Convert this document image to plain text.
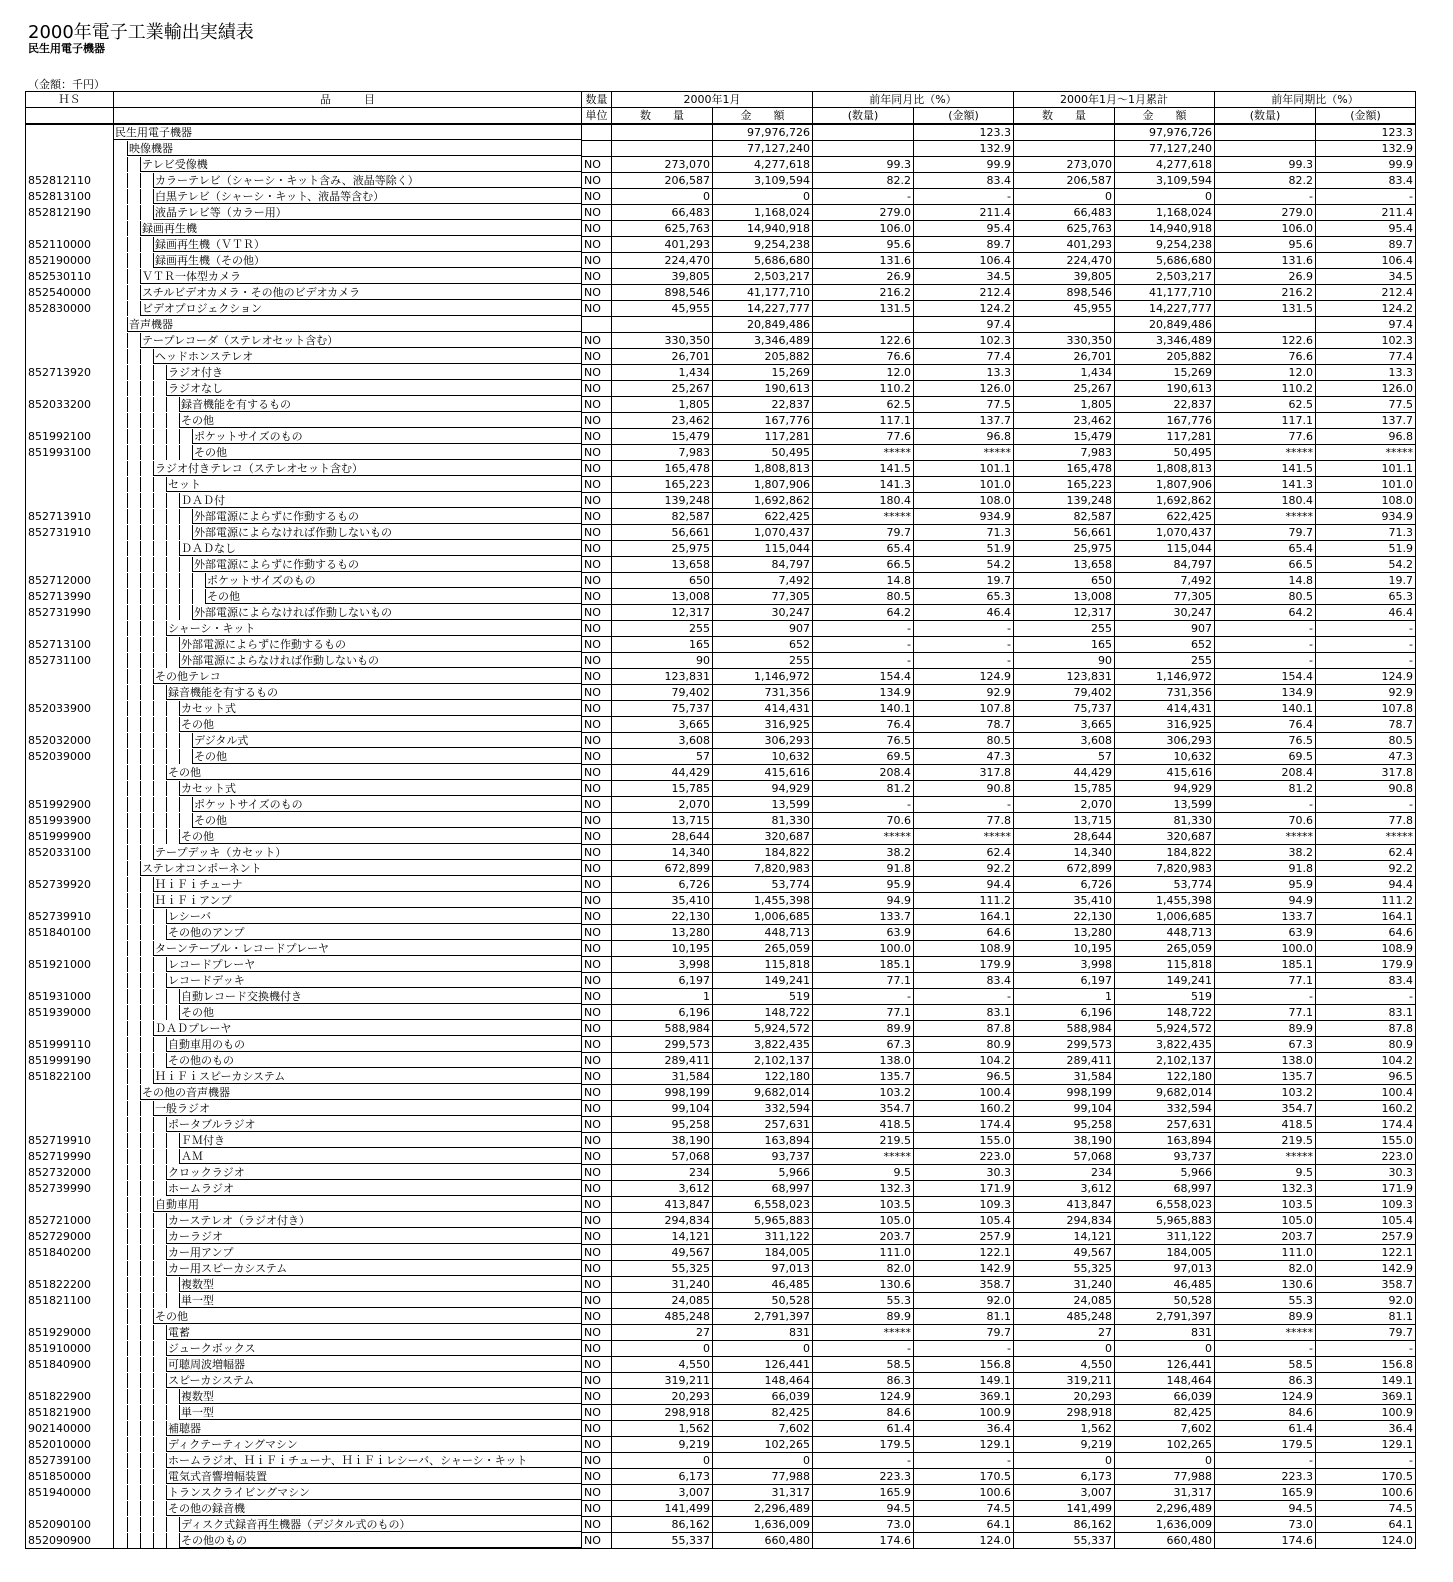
2000年電子工業輸出実績表
民生用電子機器
（金額：千円）
ＨＳ	品　　　目	数量	2000年1月		前年同月比（%）		2000年1月～1月累計		前年同期比（%）	
		単位	数　　量	金　　額	(数量)	(金額)	数　　量	金　　額	(数量)	(金額)

	民生用電子機器			97,976,726		123.3		97,976,726		123.3

	映像機器			77,127,240		132.9		77,127,240		132.9

	テレビ受像機	NO	273,070	4,277,618	99.3	99.9	273,070	4,277,618	99.3	99.9
852812110	カラーテレビ（シャーシ・キット含み、液晶等除く）	NO	206,587	3,109,594	82.2	83.4	206,587	3,109,594	82.2	83.4
852813100	白黒テレビ（シャーシ・キット、液晶等含む）	NO	0	0	-	-	0	0	-	-
852812190	液晶テレビ等（カラー用）	NO	66,483	1,168,024	279.0	211.4	66,483	1,168,024	279.0	211.4

	録画再生機	NO	625,763	14,940,918	106.0	95.4	625,763	14,940,918	106.0	95.4
852110000	録画再生機（ＶＴＲ）	NO	401,293	9,254,238	95.6	89.7	401,293	9,254,238	95.6	89.7
852190000	録画再生機（その他）	NO	224,470	5,686,680	131.6	106.4	224,470	5,686,680	131.6	106.4
852530110	ＶＴＲ一体型カメラ	NO	39,805	2,503,217	26.9	34.5	39,805	2,503,217	26.9	34.5
852540000	スチルビデオカメラ・その他のビデオカメラ	NO	898,546	41,177,710	216.2	212.4	898,546	41,177,710	216.2	212.4
852830000	ビデオプロジェクション	NO	45,955	14,227,777	131.5	124.2	45,955	14,227,777	131.5	124.2

	音声機器			20,849,486		97.4		20,849,486		97.4

	テープレコーダ（ステレオセット含む）	NO	330,350	3,346,489	122.6	102.3	330,350	3,346,489	122.6	102.3

	ヘッドホンステレオ	NO	26,701	205,882	76.6	77.4	26,701	205,882	76.6	77.4
852713920	ラジオ付き	NO	1,434	15,269	12.0	13.3	1,434	15,269	12.0	13.3

	ラジオなし	NO	25,267	190,613	110.2	126.0	25,267	190,613	110.2	126.0
852033200	録音機能を有するもの	NO	1,805	22,837	62.5	77.5	1,805	22,837	62.5	77.5

	その他	NO	23,462	167,776	117.1	137.7	23,462	167,776	117.1	137.7
851992100	ポケットサイズのもの	NO	15,479	117,281	77.6	96.8	15,479	117,281	77.6	96.8
851993100	その他	NO	7,983	50,495	*****	*****	7,983	50,495	*****	*****

	ラジオ付きテレコ（ステレオセット含む）	NO	165,478	1,808,813	141.5	101.1	165,478	1,808,813	141.5	101.1

	セット	NO	165,223	1,807,906	141.3	101.0	165,223	1,807,906	141.3	101.0

	ＤＡＤ付	NO	139,248	1,692,862	180.4	108.0	139,248	1,692,862	180.4	108.0
852713910	外部電源によらずに作動するもの	NO	82,587	622,425	*****	934.9	82,587	622,425	*****	934.9
852731910	外部電源によらなければ作動しないもの	NO	56,661	1,070,437	79.7	71.3	56,661	1,070,437	79.7	71.3

	ＤＡＤなし	NO	25,975	115,044	65.4	51.9	25,975	115,044	65.4	51.9

	外部電源によらずに作動するもの	NO	13,658	84,797	66.5	54.2	13,658	84,797	66.5	54.2
852712000	ポケットサイズのもの	NO	650	7,492	14.8	19.7	650	7,492	14.8	19.7
852713990	その他	NO	13,008	77,305	80.5	65.3	13,008	77,305	80.5	65.3
852731990	外部電源によらなければ作動しないもの	NO	12,317	30,247	64.2	46.4	12,317	30,247	64.2	46.4

	シャーシ・キット	NO	255	907	-	-	255	907	-	-
852713100	外部電源によらずに作動するもの	NO	165	652	-	-	165	652	-	-
852731100	外部電源によらなければ作動しないもの	NO	90	255	-	-	90	255	-	-

	その他テレコ	NO	123,831	1,146,972	154.4	124.9	123,831	1,146,972	154.4	124.9

	録音機能を有するもの	NO	79,402	731,356	134.9	92.9	79,402	731,356	134.9	92.9
852033900	カセット式	NO	75,737	414,431	140.1	107.8	75,737	414,431	140.1	107.8

	その他	NO	3,665	316,925	76.4	78.7	3,665	316,925	76.4	78.7
852032000	デジタル式	NO	3,608	306,293	76.5	80.5	3,608	306,293	76.5	80.5
852039000	その他	NO	57	10,632	69.5	47.3	57	10,632	69.5	47.3

	その他	NO	44,429	415,616	208.4	317.8	44,429	415,616	208.4	317.8

	カセット式	NO	15,785	94,929	81.2	90.8	15,785	94,929	81.2	90.8
851992900	ポケットサイズのもの	NO	2,070	13,599	-	-	2,070	13,599	-	-
851993900	その他	NO	13,715	81,330	70.6	77.8	13,715	81,330	70.6	77.8
851999900	その他	NO	28,644	320,687	*****	*****	28,644	320,687	*****	*****
852033100	テープデッキ（カセット）	NO	14,340	184,822	38.2	62.4	14,340	184,822	38.2	62.4

	ステレオコンポーネント	NO	672,899	7,820,983	91.8	92.2	672,899	7,820,983	91.8	92.2
852739920	ＨｉＦｉチューナ	NO	6,726	53,774	95.9	94.4	6,726	53,774	95.9	94.4

	ＨｉＦｉアンプ	NO	35,410	1,455,398	94.9	111.2	35,410	1,455,398	94.9	111.2
852739910	レシーバ	NO	22,130	1,006,685	133.7	164.1	22,130	1,006,685	133.7	164.1
851840100	その他のアンプ	NO	13,280	448,713	63.9	64.6	13,280	448,713	63.9	64.6

	ターンテーブル・レコードプレーヤ	NO	10,195	265,059	100.0	108.9	10,195	265,059	100.0	108.9
851921000	レコードプレーヤ	NO	3,998	115,818	185.1	179.9	3,998	115,818	185.1	179.9

	レコードデッキ	NO	6,197	149,241	77.1	83.4	6,197	149,241	77.1	83.4
851931000	自動レコード交換機付き	NO	1	519	-	-	1	519	-	-
851939000	その他	NO	6,196	148,722	77.1	83.1	6,196	148,722	77.1	83.1

	ＤＡＤプレーヤ	NO	588,984	5,924,572	89.9	87.8	588,984	5,924,572	89.9	87.8
851999110	自動車用のもの	NO	299,573	3,822,435	67.3	80.9	299,573	3,822,435	67.3	80.9
851999190	その他のもの	NO	289,411	2,102,137	138.0	104.2	289,411	2,102,137	138.0	104.2
851822100	ＨｉＦｉスピーカシステム	NO	31,584	122,180	135.7	96.5	31,584	122,180	135.7	96.5

	その他の音声機器	NO	998,199	9,682,014	103.2	100.4	998,199	9,682,014	103.2	100.4

	一般ラジオ	NO	99,104	332,594	354.7	160.2	99,104	332,594	354.7	160.2

	ポータブルラジオ	NO	95,258	257,631	418.5	174.4	95,258	257,631	418.5	174.4
852719910	ＦＭ付き	NO	38,190	163,894	219.5	155.0	38,190	163,894	219.5	155.0
852719990	ＡＭ	NO	57,068	93,737	*****	223.0	57,068	93,737	*****	223.0
852732000	クロックラジオ	NO	234	5,966	9.5	30.3	234	5,966	9.5	30.3
852739990	ホームラジオ	NO	3,612	68,997	132.3	171.9	3,612	68,997	132.3	171.9

	自動車用	NO	413,847	6,558,023	103.5	109.3	413,847	6,558,023	103.5	109.3
852721000	カーステレオ（ラジオ付き）	NO	294,834	5,965,883	105.0	105.4	294,834	5,965,883	105.0	105.4
852729000	カーラジオ	NO	14,121	311,122	203.7	257.9	14,121	311,122	203.7	257.9
851840200	カー用アンプ	NO	49,567	184,005	111.0	122.1	49,567	184,005	111.0	122.1

	カー用スピーカシステム	NO	55,325	97,013	82.0	142.9	55,325	97,013	82.0	142.9
851822200	複数型	NO	31,240	46,485	130.6	358.7	31,240	46,485	130.6	358.7
851821100	単一型	NO	24,085	50,528	55.3	92.0	24,085	50,528	55.3	92.0

	その他	NO	485,248	2,791,397	89.9	81.1	485,248	2,791,397	89.9	81.1
851929000	電蓄	NO	27	831	*****	79.7	27	831	*****	79.7
851910000	ジュークボックス	NO	0	0	-	-	0	0	-	-
851840900	可聴周波増幅器	NO	4,550	126,441	58.5	156.8	4,550	126,441	58.5	156.8

	スピーカシステム	NO	319,211	148,464	86.3	149.1	319,211	148,464	86.3	149.1
851822900	複数型	NO	20,293	66,039	124.9	369.1	20,293	66,039	124.9	369.1
851821900	単一型	NO	298,918	82,425	84.6	100.9	298,918	82,425	84.6	100.9
902140000	補聴器	NO	1,562	7,602	61.4	36.4	1,562	7,602	61.4	36.4
852010000	ディクテーティングマシン	NO	9,219	102,265	179.5	129.1	9,219	102,265	179.5	129.1
852739100	ホームラジオ、ＨｉＦｉチューナ、ＨｉＦｉレシーバ、シャーシ・キット	NO	0	0	-	-	0	0	-	-
851850000	電気式音響増幅装置	NO	6,173	77,988	223.3	170.5	6,173	77,988	223.3	170.5
851940000	トランスクライビングマシン	NO	3,007	31,317	165.9	100.6	3,007	31,317	165.9	100.6

	その他の録音機	NO	141,499	2,296,489	94.5	74.5	141,499	2,296,489	94.5	74.5
852090100	ディスク式録音再生機器（デジタル式のもの）	NO	86,162	1,636,009	73.0	64.1	86,162	1,636,009	73.0	64.1
852090900	その他のもの	NO	55,337	660,480	174.6	124.0	55,337	660,480	174.6	124.0
